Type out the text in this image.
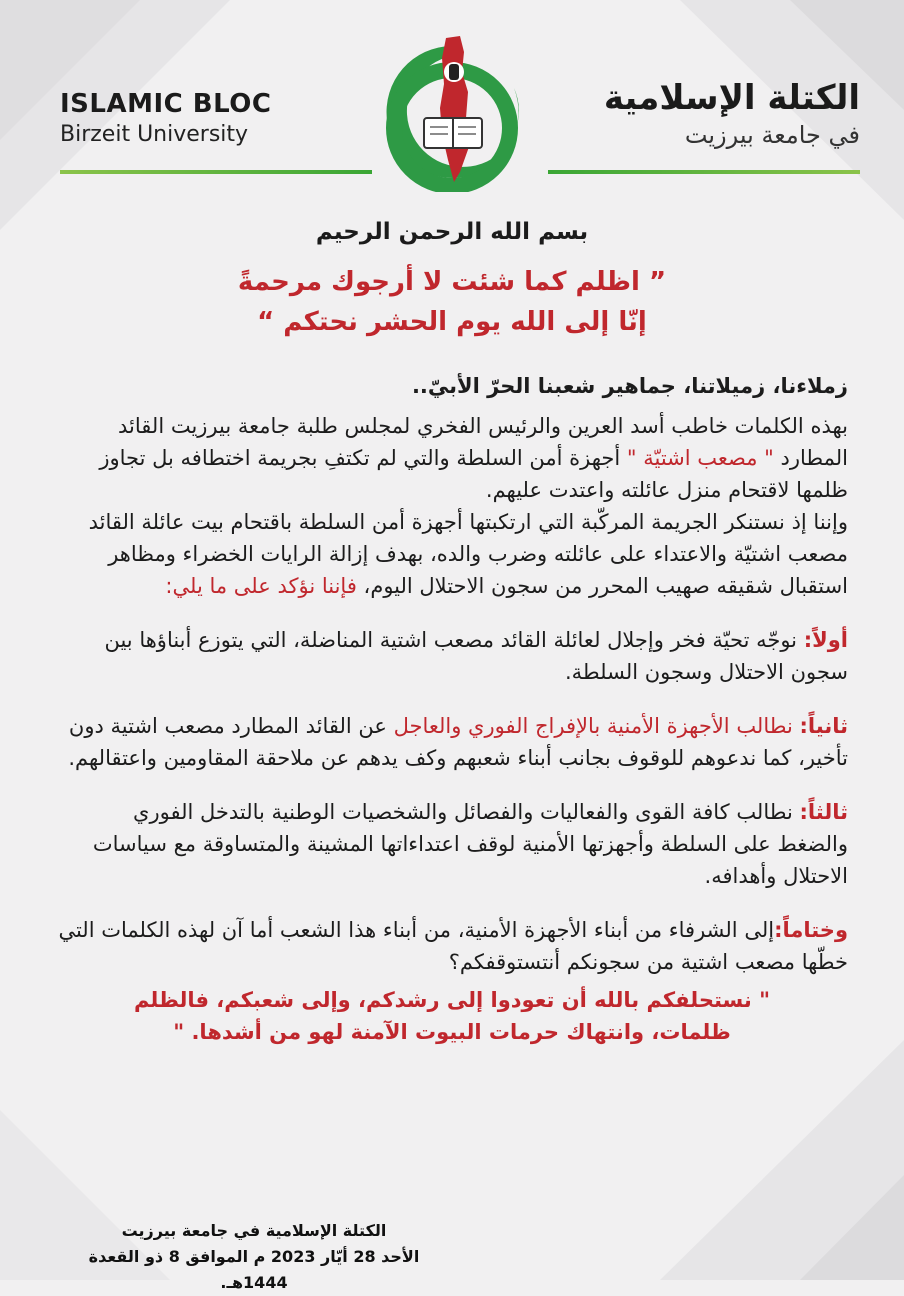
الكتلة الإسلامية
في جامعة بيرزيت
ISLAMIC BLOC
Birzeit University
بسم الله الرحمن الرحيم
” اظلم كما شئت لا أرجوك مرحمةً
إنّا إلى الله يوم الحشر نحتكم “
زملاءنا، زميلاتنا، جماهير شعبنا الحرّ الأبيّ..

بهذه الكلمات خاطب أسد العرين والرئيس الفخري لمجلس طلبة جامعة بيرزيت القائد المطارد " مصعب اشتيّة " أجهزة أمن السلطة والتي لم تكتفِ بجريمة اختطافه بل تجاوز ظلمها لاقتحام منزل عائلته واعتدت عليهم.

وإننا إذ نستنكر الجريمة المركّبة التي ارتكبتها أجهزة أمن السلطة باقتحام بيت عائلة القائد مصعب اشتيّة والاعتداء على عائلته وضرب والده، بهدف إزالة الرايات الخضراء ومظاهر استقبال شقيقه صهيب المحرر من سجون الاحتلال اليوم، فإننا نؤكد على ما يلي:

أولاً: نوجّه تحيّة فخر وإجلال لعائلة القائد مصعب اشتية المناضلة، التي يتوزع أبناؤها بين سجون الاحتلال وسجون السلطة.

ثانياً: نطالب الأجهزة الأمنية بالإفراج الفوري والعاجل عن القائد المطارد مصعب اشتية دون تأخير، كما ندعوهم للوقوف بجانب أبناء شعبهم وكف يدهم عن ملاحقة المقاومين واعتقالهم.

ثالثاً: نطالب كافة القوى والفعاليات والفصائل والشخصيات الوطنية بالتدخل الفوري والضغط على السلطة وأجهزتها الأمنية لوقف اعتداءاتها المشينة والمتساوقة مع سياسات الاحتلال وأهدافه.

وختاماً:إلى الشرفاء من أبناء الأجهزة الأمنية، من أبناء هذا الشعب أما آن لهذه الكلمات التي خطّها مصعب اشتية من سجونكم أنتستوقفكم؟

" نستحلفكم بالله أن تعودوا إلى رشدكم، وإلى شعبكم، فالظلم
ظلمات، وانتهاك حرمات البيوت الآمنة لهو من أشدها. "
الكتلة الإسلامية في جامعة بيرزيت
الأحد 28 أيّار 2023 م الموافق 8 ذو القعدة 1444هـ.
